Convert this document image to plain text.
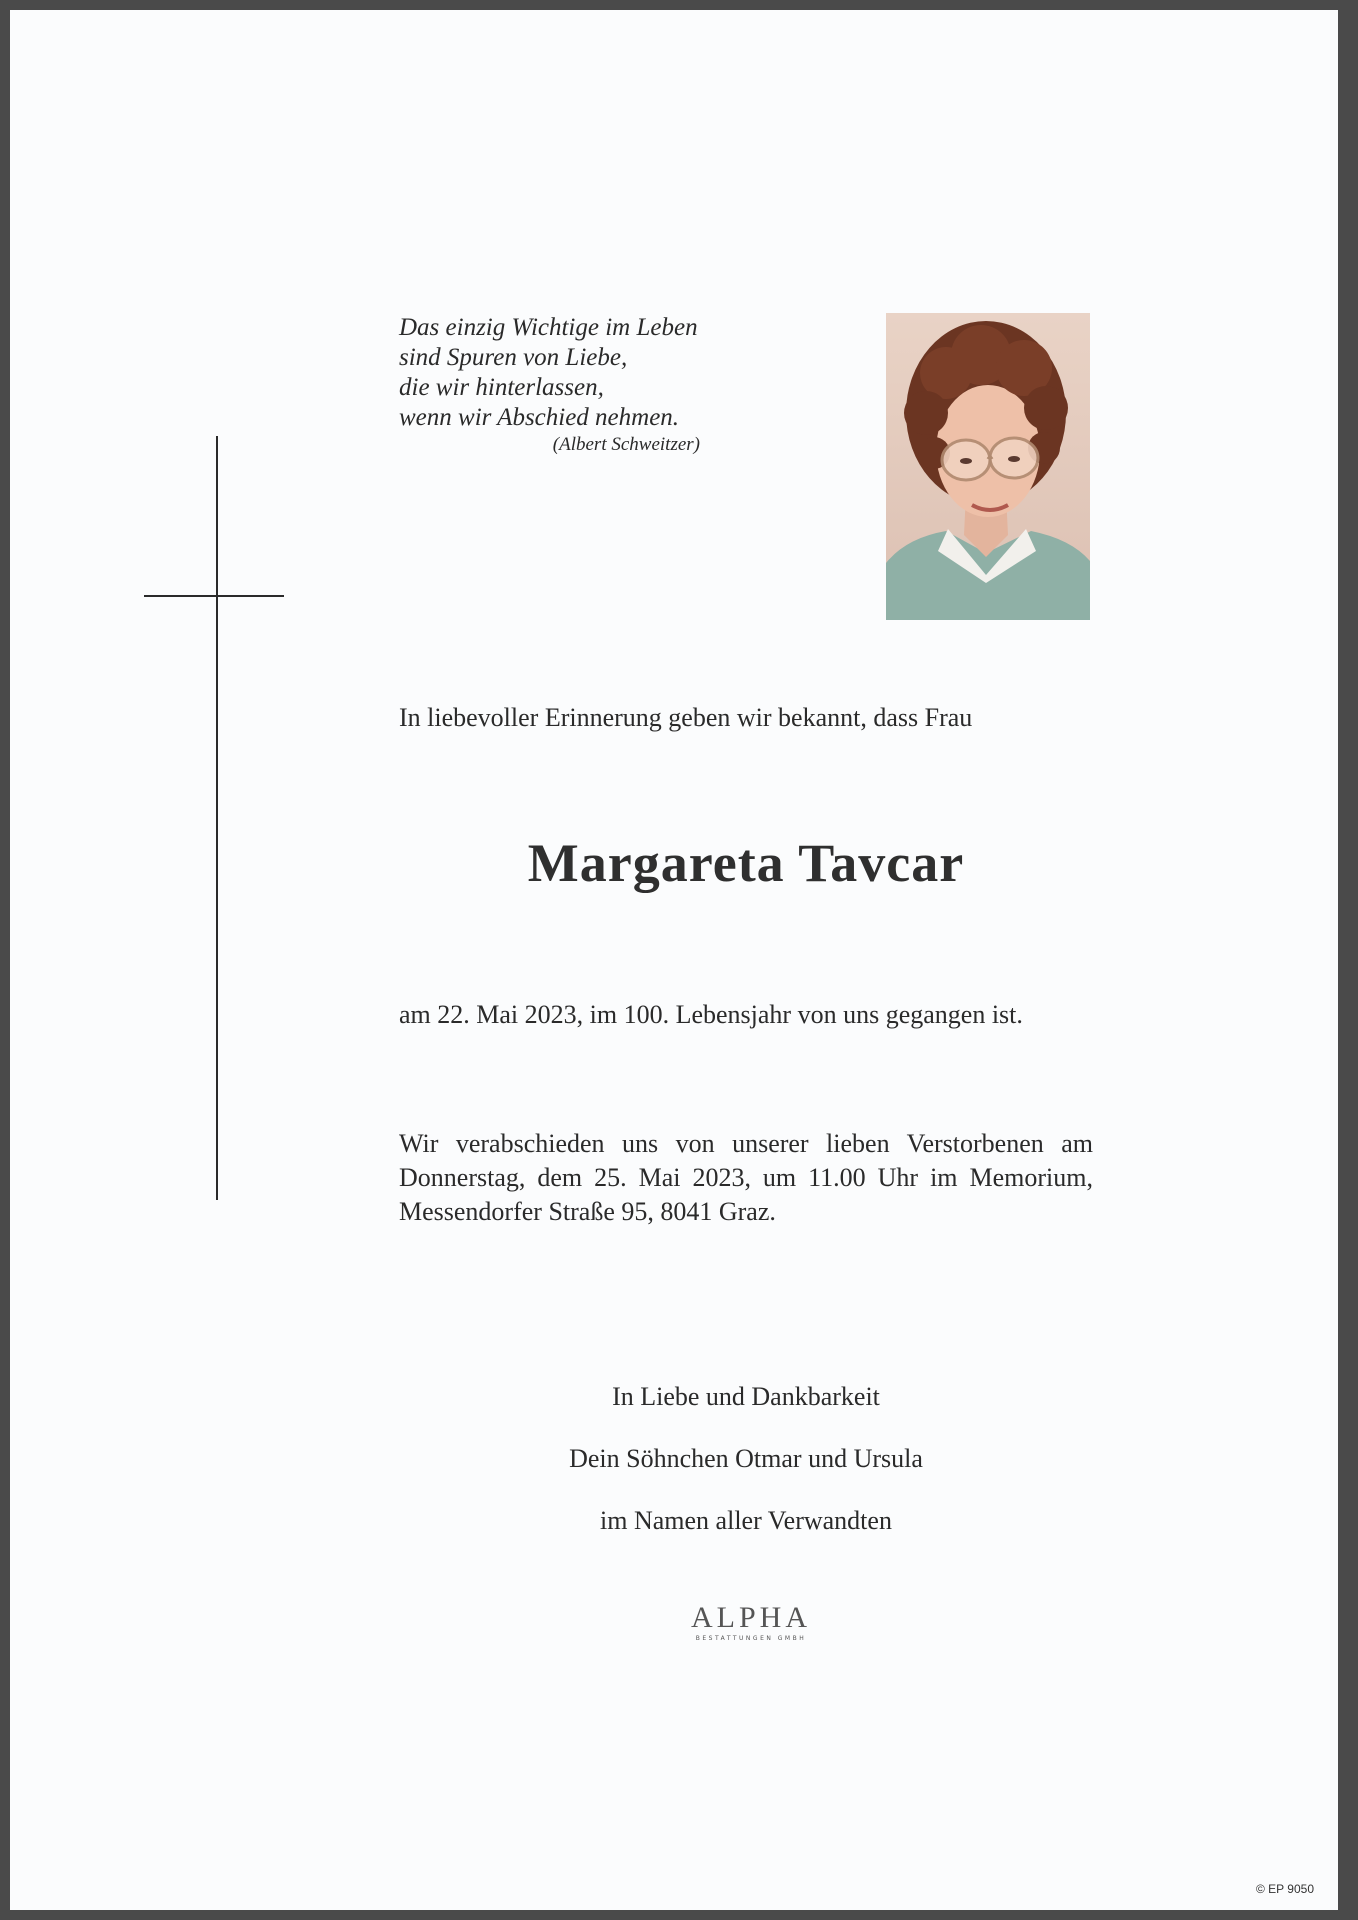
Das einzig Wichtige im Leben
sind Spuren von Liebe,
die wir hinterlassen,
wenn wir Abschied nehmen.
(Albert Schweitzer)
In liebevoller Erinnerung geben wir bekannt, dass Frau
Margareta Tavcar
am 22. Mai 2023, im 100. Lebensjahr von uns gegangen ist.
Wir verabschieden uns von unserer lieben Verstorbenen am Donnerstag, dem 25. Mai 2023, um 11.00 Uhr im Memorium, Messendorfer Straße 95, 8041 Graz.
In Liebe und Dankbarkeit
Dein Söhnchen Otmar und Ursula
im Namen aller Verwandten
ALPHA
BESTATTUNGEN GMBH
© EP 9050
